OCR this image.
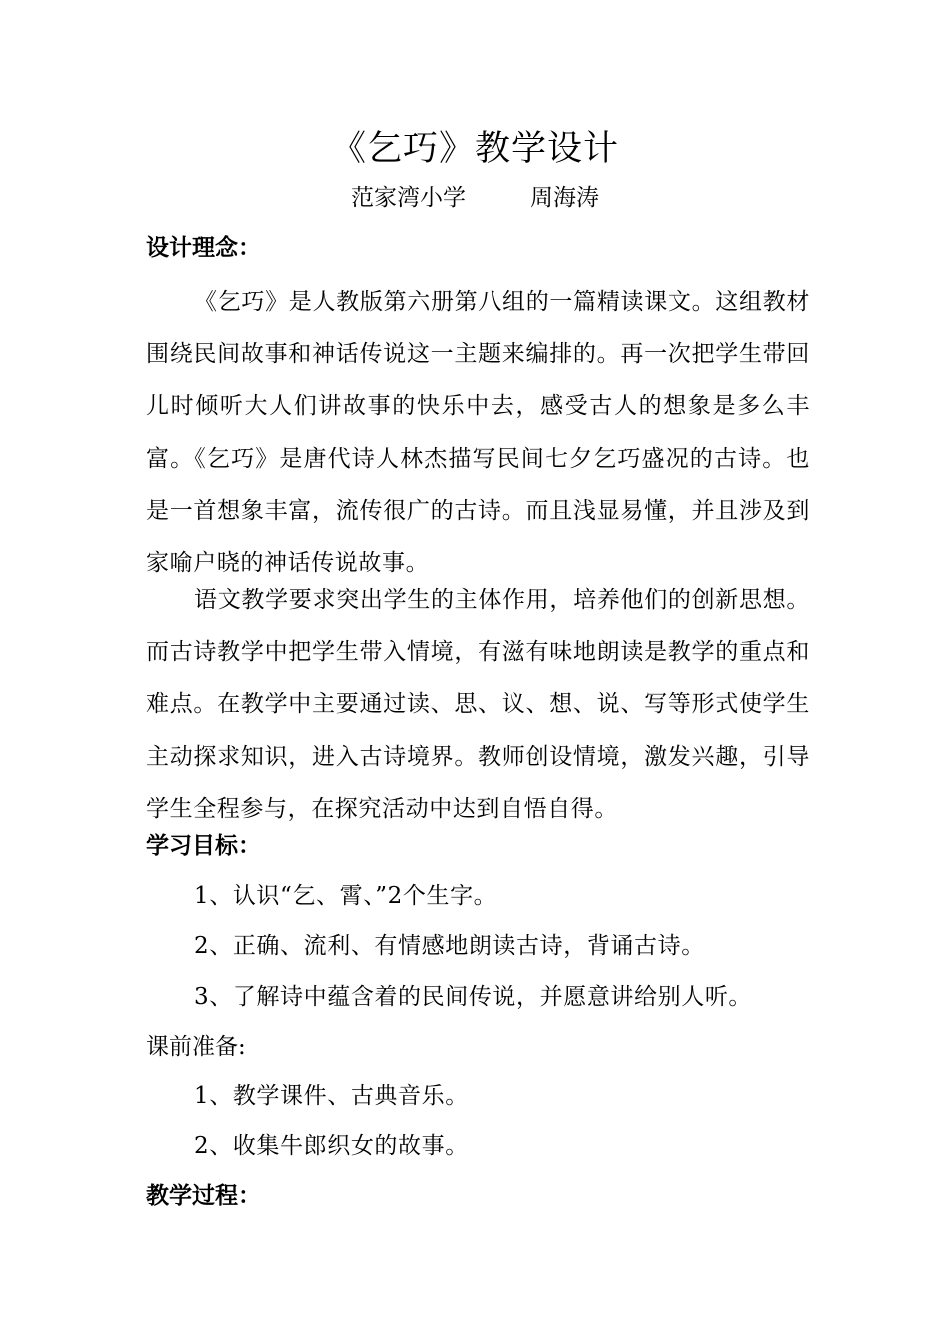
《乞巧》教学设计
范家湾小学	周海涛
设计理念：
《乞巧》是人教版第六册第八组的一篇精读课文。这组教材围绕民间故事和神话传说这一主题来编排的。再一次把学生带回儿时倾听大人们讲故事的快乐中去，感受古人的想象是多么丰富。《乞巧》是唐代诗人林杰描写民间七夕乞巧盛况的古诗。也是一首想象丰富，流传很广的古诗。而且浅显易懂，并且涉及到家喻户晓的神话传说故事。
语文教学要求突出学生的主体作用，培养他们的创新思想。而古诗教学中把学生带入情境，有滋有味地朗读是教学的重点和难点。在教学中主要通过读、思、议、想、说、写等形式使学生主动探求知识，进入古诗境界。教师创设情境，激发兴趣，引导学生全程参与，在探究活动中达到自悟自得。
学习目标：
1、认识“乞、霄、”2个生字。
2、正确、流利、有情感地朗读古诗，背诵古诗。
3、了解诗中蕴含着的民间传说，并愿意讲给别人听。
课前准备:
1、教学课件、古典音乐。
2、收集牛郎织女的故事。
教学过程：
